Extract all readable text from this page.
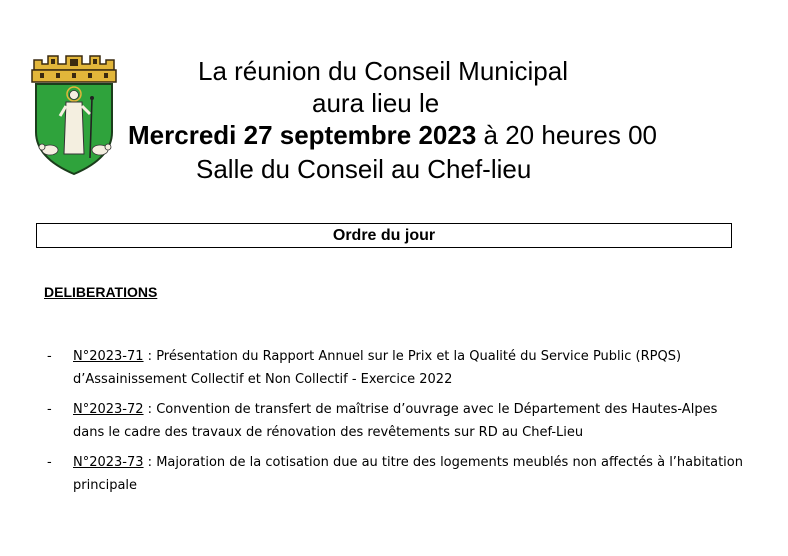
La réunion du Conseil Municipal
aura lieu le
Mercredi 27 septembre 2023 à 20 heures 00
Salle du Conseil au Chef-lieu
Ordre du jour
DELIBERATIONS
- N°2023-71 : Présentation du Rapport Annuel sur le Prix et la Qualité du Service Public (RPQS) d’Assainissement Collectif et Non Collectif - Exercice 2022
- N°2023-72 : Convention de transfert de maîtrise d’ouvrage avec le Département des Hautes-Alpes dans le cadre des travaux de rénovation des revêtements sur RD au Chef-Lieu
- N°2023-73 : Majoration de la cotisation due au titre des logements meublés non affectés à l’habitation principale
